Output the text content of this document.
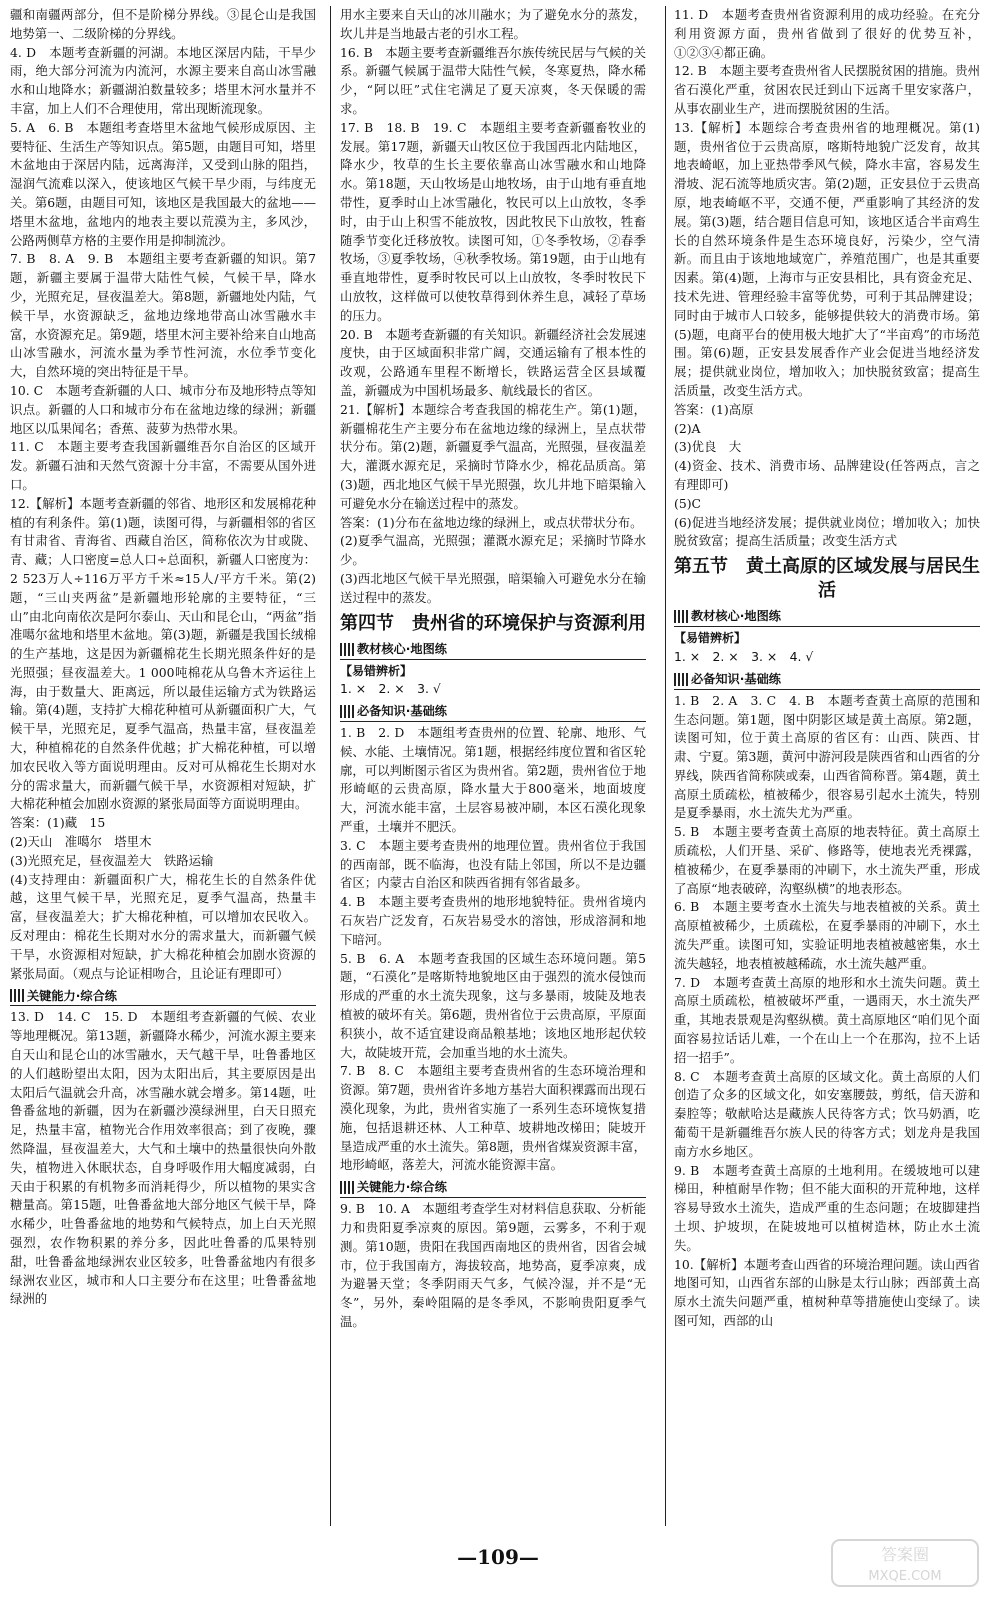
疆和南疆两部分，但不是阶梯分界线。③昆仑山是我国地势第一、二级阶梯的分界线。

4. D　本题考查新疆的河湖。本地区深居内陆，干旱少雨，绝大部分河流为内流河，水源主要来自高山冰雪融水和山地降水；新疆湖泊数量较多；塔里木河水量并不丰富，加上人们不合理使用，常出现断流现象。

5. A　6. B　本题组考查塔里木盆地气候形成原因、主要特征、生活生产等知识点。第5题，由题目可知，塔里木盆地由于深居内陆，远离海洋，又受到山脉的阻挡，湿润气流难以深入，使该地区气候干旱少雨，与纬度无关。第6题，由题目可知，该地区是我国最大的盆地——塔里木盆地，盆地内的地表主要以荒漠为主，多风沙，公路两侧草方格的主要作用是抑制流沙。

7. B　8. A　9. B　本题组主要考查新疆的知识。第7题，新疆主要属于温带大陆性气候，气候干旱，降水少，光照充足，昼夜温差大。第8题，新疆地处内陆，气候干旱，水资源缺乏，盆地边缘地带高山冰雪融水丰富，水资源充足。第9题，塔里木河主要补给来自山地高山冰雪融水，河流水量为季节性河流，水位季节变化大，自然环境的突出特征是干旱。

10. C　本题考查新疆的人口、城市分布及地形特点等知识点。新疆的人口和城市分布在盆地边缘的绿洲；新疆地区以瓜果闻名；香蕉、菠萝为热带水果。

11. C　本题主要考查我国新疆维吾尔自治区的区域开发。新疆石油和天然气资源十分丰富，不需要从国外进口。

12.【解析】本题考查新疆的邻省、地形区和发展棉花种植的有利条件。第(1)题，读图可得，与新疆相邻的省区有甘肃省、青海省、西藏自治区，简称依次为甘或陇、青、藏；人口密度=总人口÷总面积，新疆人口密度为：2 523万人÷116万平方千米≈15人/平方千米。第(2)题，“三山夹两盆”是新疆地形轮廓的主要特征，“三山”由北向南依次是阿尔泰山、天山和昆仑山，“两盆”指准噶尔盆地和塔里木盆地。第(3)题，新疆是我国长绒棉的生产基地，这是因为新疆棉花生长期光照条件好的是光照强；昼夜温差大。1 000吨棉花从乌鲁木齐运往上海，由于数量大、距离远，所以最佳运输方式为铁路运输。第(4)题，支持扩大棉花种植可从新疆面积广大，气候干旱，光照充足，夏季气温高，热量丰富，昼夜温差大，种植棉花的自然条件优越；扩大棉花种植，可以增加农民收入等方面说明理由。反对可从棉花生长期对水分的需求量大，而新疆气候干旱，水资源相对短缺，扩大棉花种植会加剧水资源的紧张局面等方面说明理由。

答案：(1)藏　15

(2)天山　准噶尔　塔里木

(3)光照充足，昼夜温差大　铁路运输

(4)支持理由：新疆面积广大，棉花生长的自然条件优越，这里气候干旱，光照充足，夏季气温高，热量丰富，昼夜温差大；扩大棉花种植，可以增加农民收入。反对理由：棉花生长期对水分的需求量大，而新疆气候干旱，水资源相对短缺，扩大棉花种植会加剧水资源的紧张局面。（观点与论证相吻合，且论证有理即可）

关键能力·综合练

13. D　14. C　15. D　本题组考查新疆的气候、农业等地理概况。第13题，新疆降水稀少，河流水源主要来自天山和昆仑山的冰雪融水，天气越干旱，吐鲁番地区的人们越盼望出太阳，因为太阳出后，其主要原因是出太阳后气温就会升高，冰雪融水就会增多。第14题，吐鲁番盆地的新疆，因为在新疆沙漠绿洲里，白天日照充足，热量丰富，植物光合作用效率很高；到了夜晚，骤然降温，昼夜温差大，大气和土壤中的热量很快向外散失，植物进入休眠状态，自身呼吸作用大幅度减弱，白天由于积累的有机物多而消耗得少，所以植物的果实含糖量高。第15题，吐鲁番盆地大部分地区气候干旱，降水稀少，吐鲁番盆地的地势和气候特点，加上白天光照强烈，农作物积累的养分多，因此吐鲁番的瓜果特别甜，吐鲁番盆地绿洲农业区较多，吐鲁番盆地内有很多绿洲农业区，城市和人口主要分布在这里；吐鲁番盆地绿洲的

用水主要来自天山的冰川融水；为了避免水分的蒸发，坎儿井是当地最古老的引水工程。

16. B　本题主要考查新疆维吾尔族传统民居与气候的关系。新疆气候属于温带大陆性气候，冬寒夏热，降水稀少，“阿以旺”式住宅满足了夏天凉爽，冬天保暖的需求。

17. B　18. B　19. C　本题组主要考查新疆畜牧业的发展。第17题，新疆天山牧区位于我国西北内陆地区，降水少，牧草的生长主要依靠高山冰雪融水和山地降水。第18题，天山牧场是山地牧场，由于山地有垂直地带性，夏季时山上冰雪融化，牧民可以上山放牧，冬季时，由于山上积雪不能放牧，因此牧民下山放牧，牲畜随季节变化迁移放牧。读图可知，①冬季牧场，②春季牧场，③夏季牧场，④秋季牧场。第19题，由于山地有垂直地带性，夏季时牧民可以上山放牧，冬季时牧民下山放牧，这样做可以使牧草得到休养生息，减轻了草场的压力。

20. B　本题考查新疆的有关知识。新疆经济社会发展速度快，由于区域面积非常广阔，交通运输有了根本性的改观，公路通车里程不断增长，铁路运营全区县域覆盖，新疆成为中国机场最多、航线最长的省区。

21.【解析】本题综合考查我国的棉花生产。第(1)题，新疆棉花生产主要分布在盆地边缘的绿洲上，呈点状带状分布。第(2)题，新疆夏季气温高，光照强，昼夜温差大，灌溉水源充足，采摘时节降水少，棉花品质高。第(3)题，西北地区气候干旱光照强，坎儿井地下暗渠输入可避免水分在输送过程中的蒸发。

答案：(1)分布在盆地边缘的绿洲上，或点状带状分布。

(2)夏季气温高，光照强；灌溉水源充足；采摘时节降水少。

(3)西北地区气候干旱光照强，暗渠输入可避免水分在输送过程中的蒸发。

第四节　贵州省的环境保护与资源利用
教材核心·地图练
【易错辨析】

1. ×　2. ×　3. √

必备知识·基础练

1. B　2. D　本题组考查贵州的位置、轮廓、地形、气候、水能、土壤情况。第1题，根据经纬度位置和省区轮廓，可以判断图示省区为贵州省。第2题，贵州省位于地形崎岖的云贵高原，降水量大于800毫米，地面坡度大，河流水能丰富，土层容易被冲刷，本区石漠化现象严重，土壤并不肥沃。

3. C　本题主要考查贵州的地理位置。贵州省位于我国的西南部，既不临海，也没有陆上邻国，所以不是边疆省区；内蒙古自治区和陕西省拥有邻省最多。

4. B　本题主要考查贵州的地形地貌特征。贵州省境内石灰岩广泛发育，石灰岩易受水的溶蚀，形成溶洞和地下暗河。

5. B　6. A　本题考查我国的区域生态环境问题。第5题，“石漠化”是喀斯特地貌地区由于强烈的流水侵蚀而形成的严重的水土流失现象，这与多暴雨，坡陡及地表植被的破坏有关。第6题，贵州省位于云贵高原，平原面积狭小，故不适宜建设商品粮基地；该地区地形起伏较大，故陡坡开荒，会加重当地的水土流失。

7. B　8. C　本题组主要考查贵州省的生态环境治理和资源。第7题，贵州省许多地方基岩大面积裸露而出现石漠化现象，为此，贵州省实施了一系列生态环境恢复措施，包括退耕还林、人工种草、坡耕地改梯田；陡坡开垦造成严重的水土流失。第8题，贵州省煤炭资源丰富，地形崎岖，落差大，河流水能资源丰富。

关键能力·综合练

9. B　10. A　本题组考查学生对材料信息获取、分析能力和贵阳夏季凉爽的原因。第9题，云雾多，不利于观测。第10题，贵阳在我国西南地区的贵州省，因省会城市，位于我国南方，海拔较高，地势高，夏季凉爽，成为避暑天堂；冬季阴雨天气多，气候冷湿，并不是“无冬”，另外，秦岭阻隔的是冬季风，不影响贵阳夏季气温。

11. D　本题考查贵州省资源利用的成功经验。在充分利用资源方面，贵州省做到了很好的优势互补，①②③④都正确。

12. B　本题主要考查贵州省人民摆脱贫困的措施。贵州省石漠化严重，贫困农民迁到山下远离千里安家落户，从事农副业生产，进而摆脱贫困的生活。

13.【解析】本题综合考查贵州省的地理概况。第(1)题，贵州省位于云贵高原，喀斯特地貌广泛发育，故其地表崎岖，加上亚热带季风气候，降水丰富，容易发生滑坡、泥石流等地质灾害。第(2)题，正安县位于云贵高原，地表崎岖不平，交通不便，严重影响了其经济的发展。第(3)题，结合题目信息可知，该地区适合半亩鸡生长的自然环境条件是生态环境良好，污染少，空气清新。而且由于该地地域宽广，养殖范围广，也是其重要因素。第(4)题，上海市与正安县相比，具有资金充足、技术先进、管理经验丰富等优势，可利于其品牌建设；同时由于城市人口较多，能够提供较大的消费市场。第(5)题，电商平台的使用极大地扩大了“半亩鸡”的市场范围。第(6)题，正安县发展香作产业会促进当地经济发展；提供就业岗位，增加收入；加快脱贫致富；提高生活质量，改变生活方式。

答案：(1)高原

(2)A

(3)优良　大

(4)资金、技术、消费市场、品牌建设(任答两点，言之有理即可)

(5)C

(6)促进当地经济发展；提供就业岗位；增加收入；加快脱贫致富；提高生活质量；改变生活方式

第五节　黄土高原的区域发展与居民生活
教材核心·地图练
【易错辨析】

1. ×　2. ×　3. ×　4. √

必备知识·基础练

1. B　2. A　3. C　4. B　本题考查黄土高原的范围和生态问题。第1题，图中阴影区域是黄土高原。第2题，读图可知，位于黄土高原的省区有：山西、陕西、甘肃、宁夏。第3题，黄河中游河段是陕西省和山西省的分界线，陕西省简称陕或秦，山西省简称晋。第4题，黄土高原土质疏松，植被稀少，很容易引起水土流失，特别是夏季暴雨，水土流失尤为严重。

5. B　本题主要考查黄土高原的地表特征。黄土高原土质疏松，人们开垦、采矿、修路等，使地表光秃裸露，植被稀少，在夏季暴雨的冲刷下，水土流失严重，形成了高原“地表破碎，沟壑纵横”的地表形态。

6. B　本题主要考查水土流失与地表植被的关系。黄土高原植被稀少，土质疏松，在夏季暴雨的冲刷下，水土流失严重。读图可知，实验证明地表植被越密集，水土流失越轻，地表植被越稀疏，水土流失越严重。

7. D　本题考查黄土高原的地形和水土流失问题。黄土高原土质疏松，植被破坏严重，一遇雨天，水土流失严重，其地表景观是沟壑纵横。黄土高原地区“咱们见个面面容易拉话话儿难，一个在山上一个在那沟，拉不上话招一招手”。

8. C　本题考查黄土高原的区域文化。黄土高原的人们创造了众多的区域文化，如安塞腰鼓，剪纸，信天游和秦腔等；敬献哈达是藏族人民待客方式；饮马奶酒，吃葡萄干是新疆维吾尔族人民的待客方式；划龙舟是我国南方水乡地区。

9. B　本题考查黄土高原的土地利用。在缓坡地可以建梯田，种植耐旱作物；但不能大面积的开荒种地，这样容易导致水土流失，造成严重的生态问题；在坡脚建挡土坝、护坡坝，在陡坡地可以植树造林，防止水土流失。

10.【解析】本题考查山西省的环境治理问题。读山西省地图可知，山西省东部的山脉是太行山脉；西部黄土高原水土流失问题严重，植树种草等措施使山变绿了。读图可知，西部的山

—109—	答案圈
MXQE.COM
